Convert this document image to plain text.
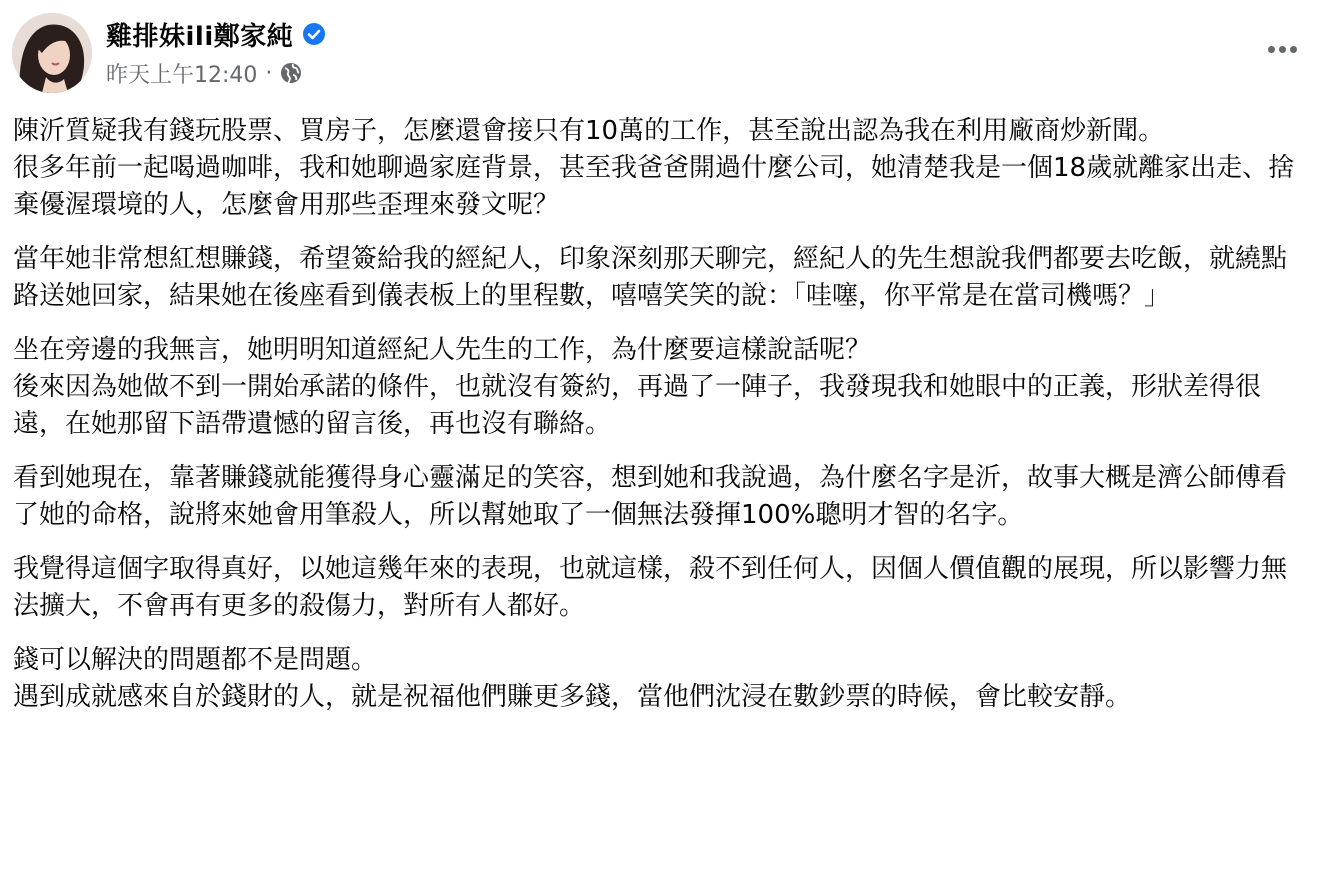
雞排妹ili鄭家純
昨天上午12:40 ·
陳沂質疑我有錢玩股票、買房子，怎麼還會接只有10萬的工作，甚至說出認為我在利用廠商炒新聞。
很多年前一起喝過咖啡，我和她聊過家庭背景，甚至我爸爸開過什麼公司，她清楚我是一個18歲就離家出走、捨棄優渥環境的人，怎麼會用那些歪理來發文呢？
當年她非常想紅想賺錢，希望簽給我的經紀人，印象深刻那天聊完，經紀人的先生想說我們都要去吃飯，就繞點路送她回家，結果她在後座看到儀表板上的里程數，嘻嘻笑笑的說：「哇噻，你平常是在當司機嗎？」
坐在旁邊的我無言，她明明知道經紀人先生的工作，為什麼要這樣說話呢？
後來因為她做不到一開始承諾的條件，也就沒有簽約，再過了一陣子，我發現我和她眼中的正義，形狀差得很遠，在她那留下語帶遺憾的留言後，再也沒有聯絡。
看到她現在，靠著賺錢就能獲得身心靈滿足的笑容，想到她和我說過，為什麼名字是沂，故事大概是濟公師傅看了她的命格，說將來她會用筆殺人，所以幫她取了一個無法發揮100%聰明才智的名字。
我覺得這個字取得真好，以她這幾年來的表現，也就這樣，殺不到任何人，因個人價值觀的展現，所以影響力無法擴大，不會再有更多的殺傷力，對所有人都好。
錢可以解決的問題都不是問題。
遇到成就感來自於錢財的人，就是祝福他們賺更多錢，當他們沈浸在數鈔票的時候，會比較安靜。
